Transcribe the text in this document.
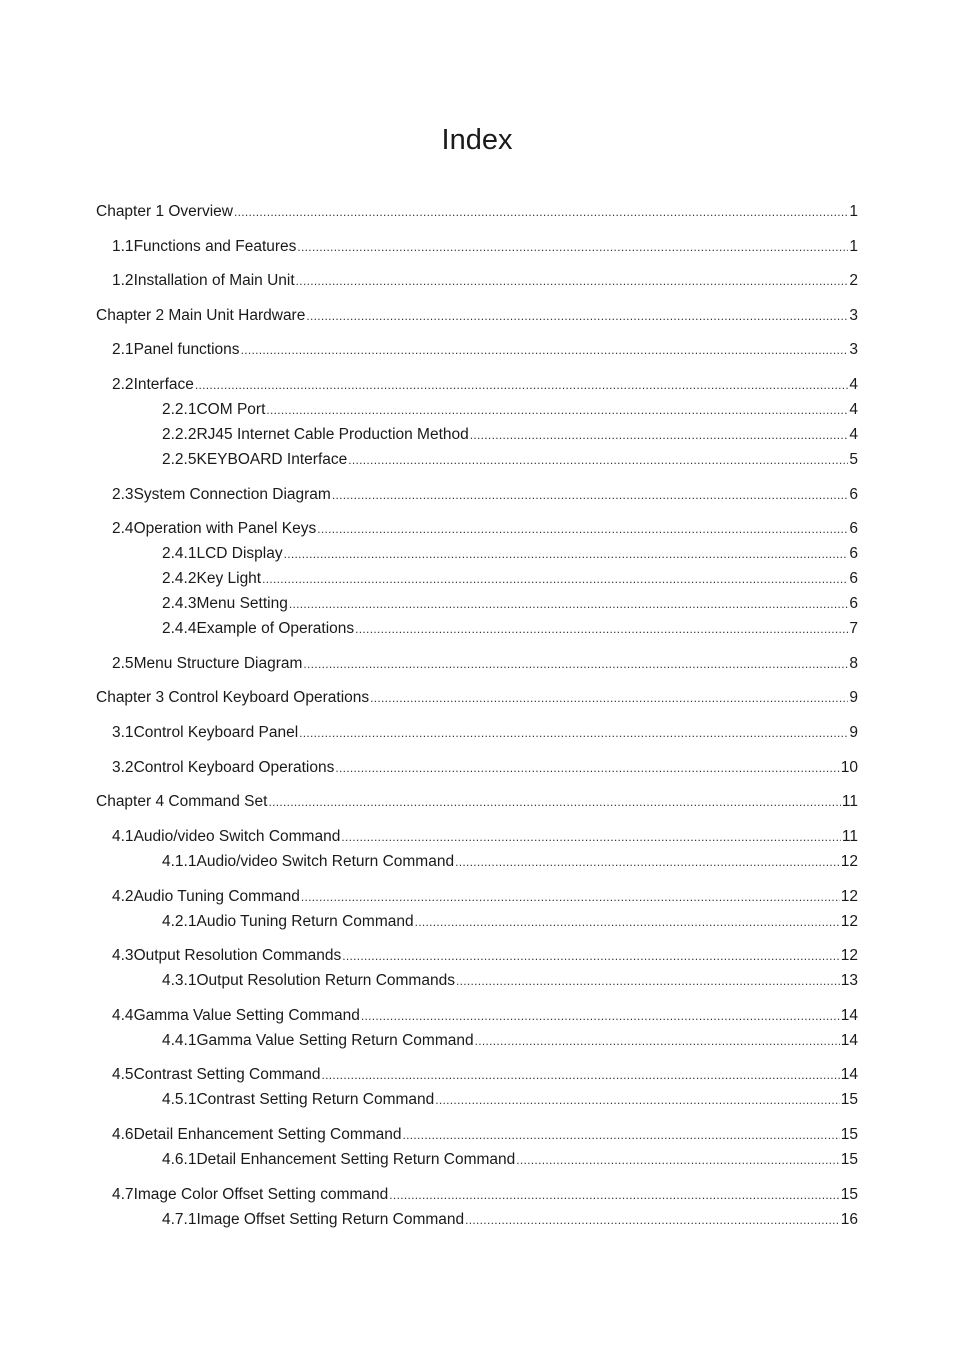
Index
Chapter 1 Overview .....	1
1.1 Functions and Features .....	1
1.2 Installation of Main Unit .....	2
Chapter 2 Main Unit Hardware .....	3
2.1 Panel functions .....	3
2.2 Interface .....	4
2.2.1 COM Port .....	4
2.2.2 RJ45 Internet Cable Production Method .....	4
2.2.5 KEYBOARD Interface .....	5
2.3 System Connection Diagram .....	6
2.4 Operation with Panel Keys .....	6
2.4.1 LCD Display .....	6
2.4.2 Key Light .....	6
2.4.3 Menu Setting .....	6
2.4.4 Example of Operations .....	7
2.5 Menu Structure Diagram .....	8
Chapter 3 Control Keyboard Operations .....	9
3.1 Control Keyboard Panel .....	9
3.2 Control Keyboard Operations .....	10
Chapter 4 Command Set .....	11
4.1 Audio/video Switch Command .....	11
4.1.1 Audio/video Switch Return Command .....	12
4.2 Audio Tuning Command .....	12
4.2.1 Audio Tuning Return Command .....	12
4.3 Output Resolution Commands .....	12
4.3.1 Output Resolution Return Commands .....	13
4.4 Gamma Value Setting Command .....	14
4.4.1 Gamma Value Setting Return Command .....	14
4.5 Contrast Setting Command .....	14
4.5.1 Contrast Setting Return Command .....	15
4.6 Detail Enhancement Setting Command .....	15
4.6.1 Detail Enhancement Setting Return Command .....	15
4.7 Image Color Offset Setting command .....	15
4.7.1 Image Offset Setting Return Command .....	16
